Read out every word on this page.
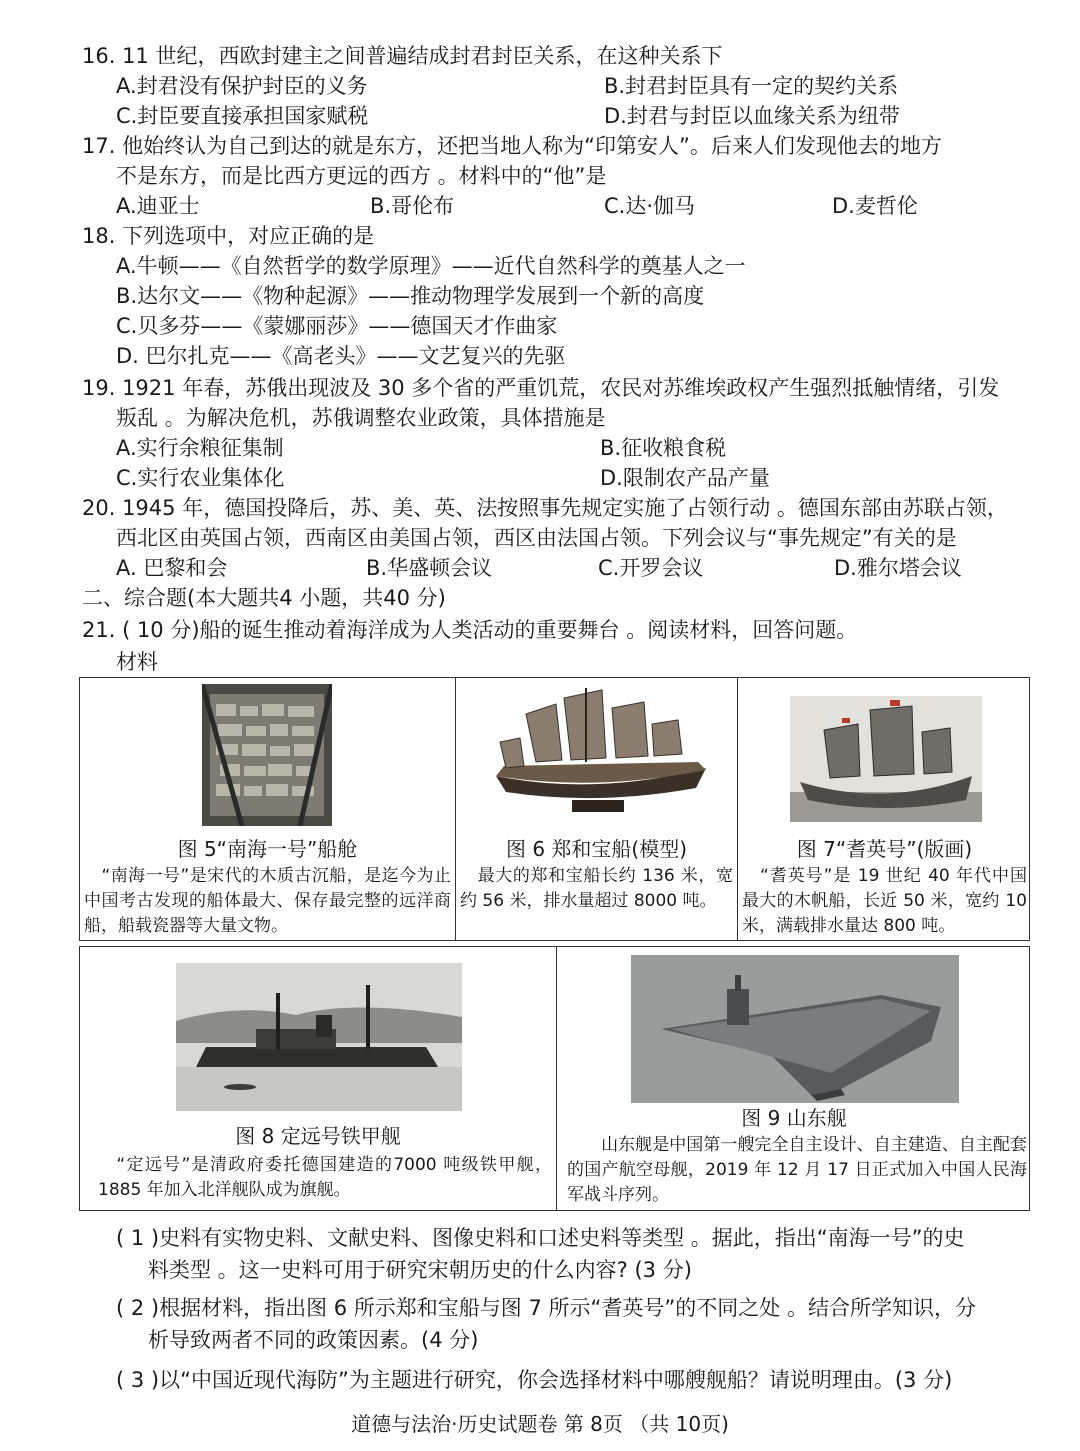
16. 11 世纪，西欧封建主之间普遍结成封君封臣关系，在这种关系下
A.封君没有保护封臣的义务	B.封君封臣具有一定的契约关系
C.封臣要直接承担国家赋税	D.封君与封臣以血缘关系为纽带
17. 他始终认为自己到达的就是东方，还把当地人称为“印第安人”。后来人们发现他去的地方
不是东方，而是比西方更远的西方 。材料中的“他”是
A.迪亚士	B.哥伦布	C.达·伽马	D.麦哲伦
18. 下列选项中，对应正确的是
A.牛顿——《自然哲学的数学原理》——近代自然科学的奠基人之一
B.达尔文——《物种起源》——推动物理学发展到一个新的高度
C.贝多芬——《蒙娜丽莎》——德国天才作曲家
D. 巴尔扎克——《高老头》——文艺复兴的先驱
19. 1921 年春，苏俄出现波及 30 多个省的严重饥荒，农民对苏维埃政权产生强烈抵触情绪，引发
叛乱 。为解决危机，苏俄调整农业政策，具体措施是
A.实行余粮征集制	B.征收粮食税
C.实行农业集体化	D.限制农产品产量
20. 1945 年，德国投降后，苏、美、英、法按照事先规定实施了占领行动 。德国东部由苏联占领，
西北区由英国占领，西南区由美国占领，西区由法国占领。下列会议与“事先规定”有关的是
A. 巴黎和会	B.华盛顿会议	C.开罗会议	D.雅尔塔会议
二、综合题(本大题共4 小题，共40 分)
21. ( 10 分)船的诞生推动着海洋成为人类活动的重要舞台 。阅读材料，回答问题。
材料
图 5“南海一号”船舱
　“南海一号”是宋代的木质古沉船，是迄今为止中国考古发现的船体最大、保存最完整的远洋商船，船载瓷器等大量文物。
图 6 郑和宝船(模型)
　最大的郑和宝船长约 136 米，宽约 56 米，排水量超过 8000 吨。
图 7“耆英号”(版画)
　“耆英号”是 19 世纪 40 年代中国最大的木帆船，长近 50 米，宽约 10 米，满载排水量达 800 吨。
图 8 定远号铁甲舰
　“定远号”是清政府委托德国建造的7000 吨级铁甲舰，1885 年加入北洋舰队成为旗舰。
图 9 山东舰
　　山东舰是中国第一艘完全自主设计、自主建造、自主配套的国产航空母舰，2019 年 12 月 17 日正式加入中国人民海军战斗序列。
( 1 )史料有实物史料、文献史料、图像史料和口述史料等类型 。据此，指出“南海一号”的史
料类型 。这一史料可用于研究宋朝历史的什么内容? (3 分)
( 2 )根据材料，指出图 6 所示郑和宝船与图 7 所示“耆英号”的不同之处 。结合所学知识，分
析导致两者不同的政策因素。(4 分)
( 3 )以“中国近现代海防”为主题进行研究，你会选择材料中哪艘舰船？请说明理由。(3 分)
道德与法治·历史试题卷 第 8页 （共 10页)
